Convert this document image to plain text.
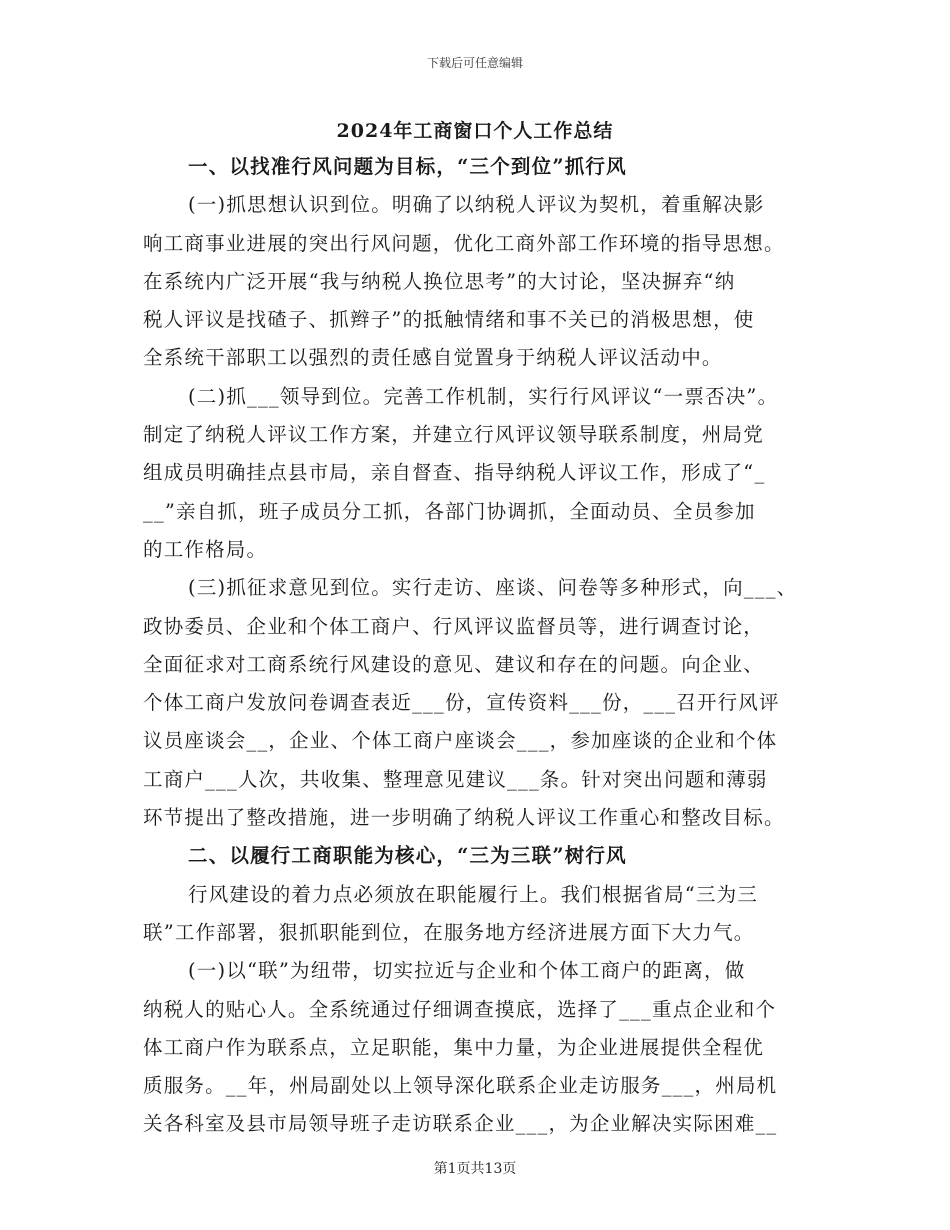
下载后可任意编辑
2024年工商窗口个人工作总结
一、以找准行风问题为目标，“三个到位”抓行风
(一)抓思想认识到位。明确了以纳税人评议为契机，着重解决影
响工商事业进展的突出行风问题，优化工商外部工作环境的指导思想。
在系统内广泛开展“我与纳税人换位思考”的大讨论，坚决摒弃“纳
税人评议是找碴子、抓辫子”的抵触情绪和事不关已的消极思想，使
全系统干部职工以强烈的责任感自觉置身于纳税人评议活动中。
(二)抓___领导到位。完善工作机制，实行行风评议“一票否决”。
制定了纳税人评议工作方案，并建立行风评议领导联系制度，州局党
组成员明确挂点县市局，亲自督查、指导纳税人评议工作，形成了“_
__”亲自抓，班子成员分工抓，各部门协调抓，全面动员、全员参加
的工作格局。
(三)抓征求意见到位。实行走访、座谈、问卷等多种形式，向___、
政协委员、企业和个体工商户、行风评议监督员等，进行调查讨论，
全面征求对工商系统行风建设的意见、建议和存在的问题。向企业、
个体工商户发放问卷调查表近___份，宣传资料___份，___召开行风评
议员座谈会__，企业、个体工商户座谈会___，参加座谈的企业和个体
工商户___人次，共收集、整理意见建议___条。针对突出问题和薄弱
环节提出了整改措施，进一步明确了纳税人评议工作重心和整改目标。
二、以履行工商职能为核心，“三为三联”树行风
行风建设的着力点必须放在职能履行上。我们根据省局“三为三
联”工作部署，狠抓职能到位，在服务地方经济进展方面下大力气。
(一)以“联”为纽带，切实拉近与企业和个体工商户的距离，做
纳税人的贴心人。全系统通过仔细调查摸底，选择了___重点企业和个
体工商户作为联系点，立足职能，集中力量，为企业进展提供全程优
质服务。__年，州局副处以上领导深化联系企业走访服务___，州局机
关各科室及县市局领导班子走访联系企业___，为企业解决实际困难__
第1页共13页
